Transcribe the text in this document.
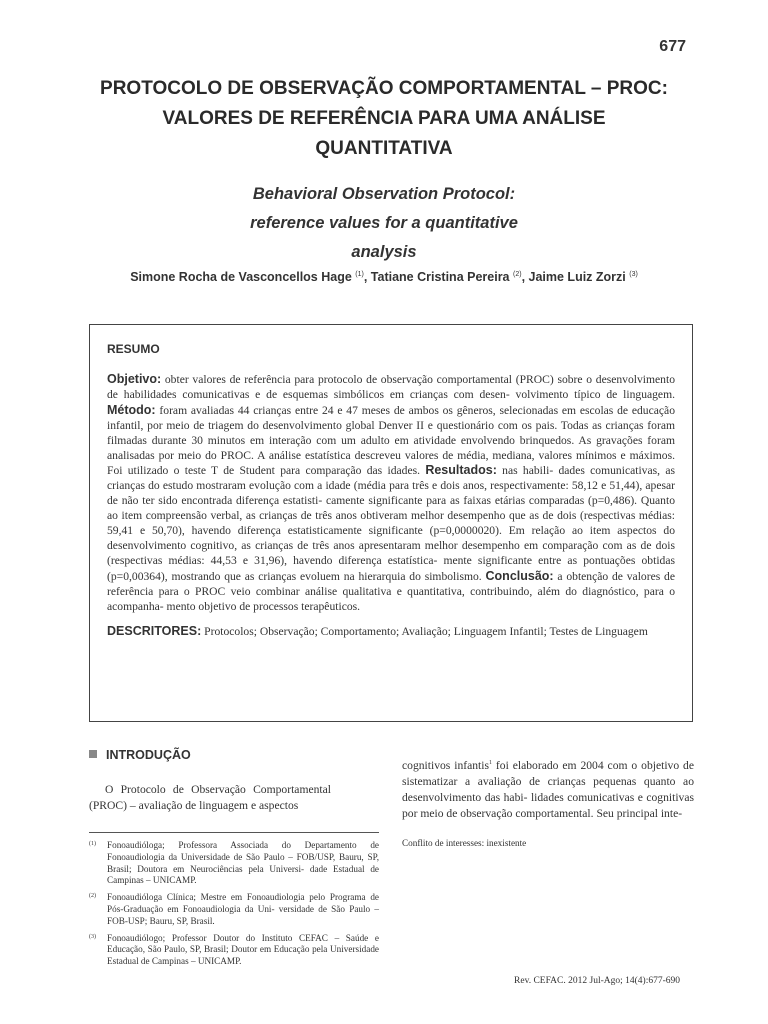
677
PROTOCOLO DE OBSERVAÇÃO COMPORTAMENTAL – PROC:
VALORES DE REFERÊNCIA PARA UMA ANÁLISE
QUANTITATIVA
Behavioral Observation Protocol:
reference values for a quantitative
analysis
Simone Rocha de Vasconcellos Hage $^{(1)}$, Tatiane Cristina Pereira $^{(2)}$, Jaime Luiz Zorzi $^{(3)}$
RESUMO

Objetivo: obter valores de referência para protocolo de observação comportamental (PROC) sobre o desenvolvimento de habilidades comunicativas e de esquemas simbólicos em crianças com desen- volvimento típico de linguagem. Método: foram avaliadas 44 crianças entre 24 e 47 meses de ambos os gêneros, selecionadas em escolas de educação infantil, por meio de triagem do desenvolvimento global Denver II e questionário com os pais. Todas as crianças foram filmadas durante 30 minutos em interação com um adulto em atividade envolvendo brinquedos. As gravações foram analisadas por meio do PROC. A análise estatística descreveu valores de média, mediana, valores mínimos e máximos. Foi utilizado o teste T de Student para comparação das idades. Resultados: nas habili- dades comunicativas, as crianças do estudo mostraram evolução com a idade (média para três e dois anos, respectivamente: 58,12 e 51,44), apesar de não ter sido encontrada diferença estatisti- camente significante para as faixas etárias comparadas (p=0,486). Quanto ao item compreensão verbal, as crianças de três anos obtiveram melhor desempenho que as de dois (respectivas médias: 59,41 e 50,70), havendo diferença estatisticamente significante (p=0,0000020). Em relação ao item aspectos do desenvolvimento cognitivo, as crianças de três anos apresentaram melhor desempenho em comparação com as de dois (respectivas médias: 44,53 e 31,96), havendo diferença estatística- mente significante entre as pontuações obtidas (p=0,00364), mostrando que as crianças evoluem na hierarquia do simbolismo. Conclusão: a obtenção de valores de referência para o PROC veio combinar análise qualitativa e quantitativa, contribuindo, além do diagnóstico, para o acompanha- mento objetivo de processos terapêuticos.

DESCRITORES: Protocolos; Observação; Comportamento; Avaliação; Linguagem Infantil; Testes de Linguagem

INTRODUÇÃO

O Protocolo de Observação Comportamental (PROC) – avaliação de linguagem e aspectos

cognitivos infantis$^1$ foi elaborado em 2004 com o objetivo de sistematizar a avaliação de crianças pequenas quanto ao desenvolvimento das habi- lidades comunicativas e cognitivas por meio de observação comportamental. Seu principal inte-

Conflito de interesses: inexistente
(1) Fonoaudióloga; Professora Associada do Departamento de Fonoaudiologia da Universidade de São Paulo – FOB/USP, Bauru, SP, Brasil; Doutora em Neurociências pela Universi- dade Estadual de Campinas – UNICAMP.
(2) Fonoaudióloga Clínica; Mestre em Fonoaudiologia pelo Programa de Pós-Graduação em Fonoaudiologia da Uni- versidade de São Paulo – FOB-USP; Bauru, SP, Brasil.
(3) Fonoaudiólogo; Professor Doutor do Instituto CEFAC – Saúde e Educação, São Paulo, SP, Brasil; Doutor em Educação pela Universidade Estadual de Campinas – UNICAMP.
Rev. CEFAC. 2012 Jul-Ago; 14(4):677-690
